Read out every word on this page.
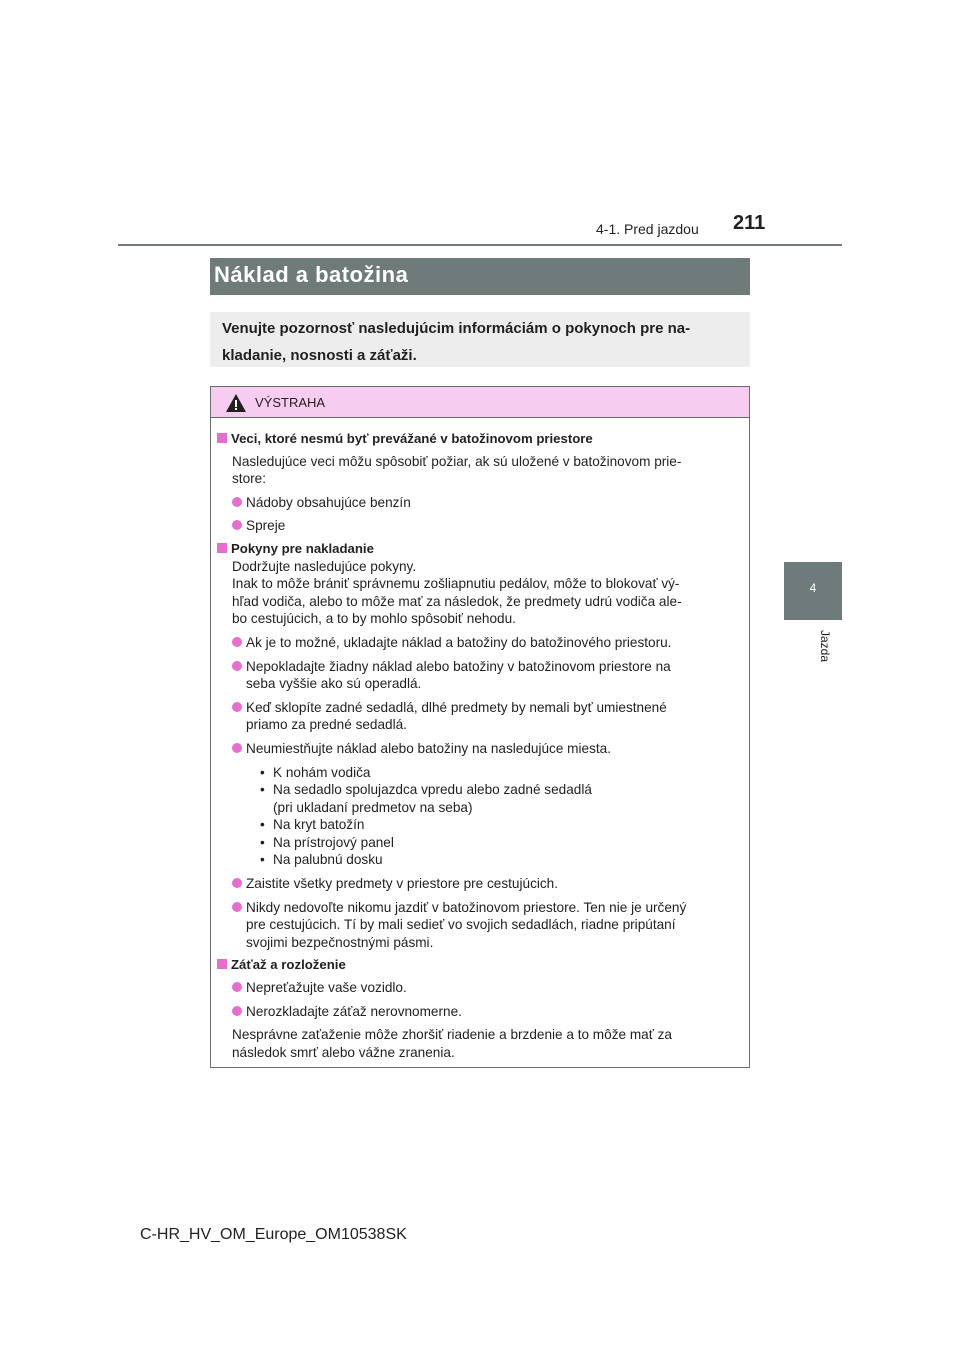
211
4-1. Pred jazdou
4
Jazda
Náklad a batožina
Venujte pozornosť nasledujúcim informáciám o pokynoch pre na-
kladanie, nosnosti a záťaži.
VÝSTRAHA
Veci, ktoré nesmú byť prevážané v batožinovom priestore
Nasledujúce veci môžu spôsobiť požiar, ak sú uložené v batožinovom prie-
store:
Nádoby obsahujúce benzín
Spreje
Pokyny pre nakladanie
Dodržujte nasledujúce pokyny.
Inak to môže brániť správnemu zošliapnutiu pedálov, môže to blokovať vý-
hľad vodiča, alebo to môže mať za následok, že predmety udrú vodiča ale-
bo cestujúcich, a to by mohlo spôsobiť nehodu.
Ak je to možné, ukladajte náklad a batožiny do batožinového priestoru.
Nepokladajte žiadny náklad alebo batožiny v batožinovom priestore na
seba vyššie ako sú operadlá.
Keď sklopíte zadné sedadlá, dlhé predmety by nemali byť umiestnené
priamo za predné sedadlá.
Neumiestňujte náklad alebo batožiny na nasledujúce miesta.
• K nohám vodiča
• Na sedadlo spolujazdca vpredu alebo zadné sedadlá
(pri ukladaní predmetov na seba)
• Na kryt batožín
• Na prístrojový panel
• Na palubnú dosku
Zaistite všetky predmety v priestore pre cestujúcich.
Nikdy nedovoľte nikomu jazdiť v batožinovom priestore. Ten nie je určený
pre cestujúcich. Tí by mali sedieť vo svojich sedadlách, riadne pripútaní
svojimi bezpečnostnými pásmi.
Záťaž a rozloženie
Nepreťažujte vaše vozidlo.
Nerozkladajte záťaž nerovnomerne.
Nesprávne zaťaženie môže zhoršiť riadenie a brzdenie a to môže mať za
následok smrť alebo vážne zranenia.
C-HR_HV_OM_Europe_OM10538SK
